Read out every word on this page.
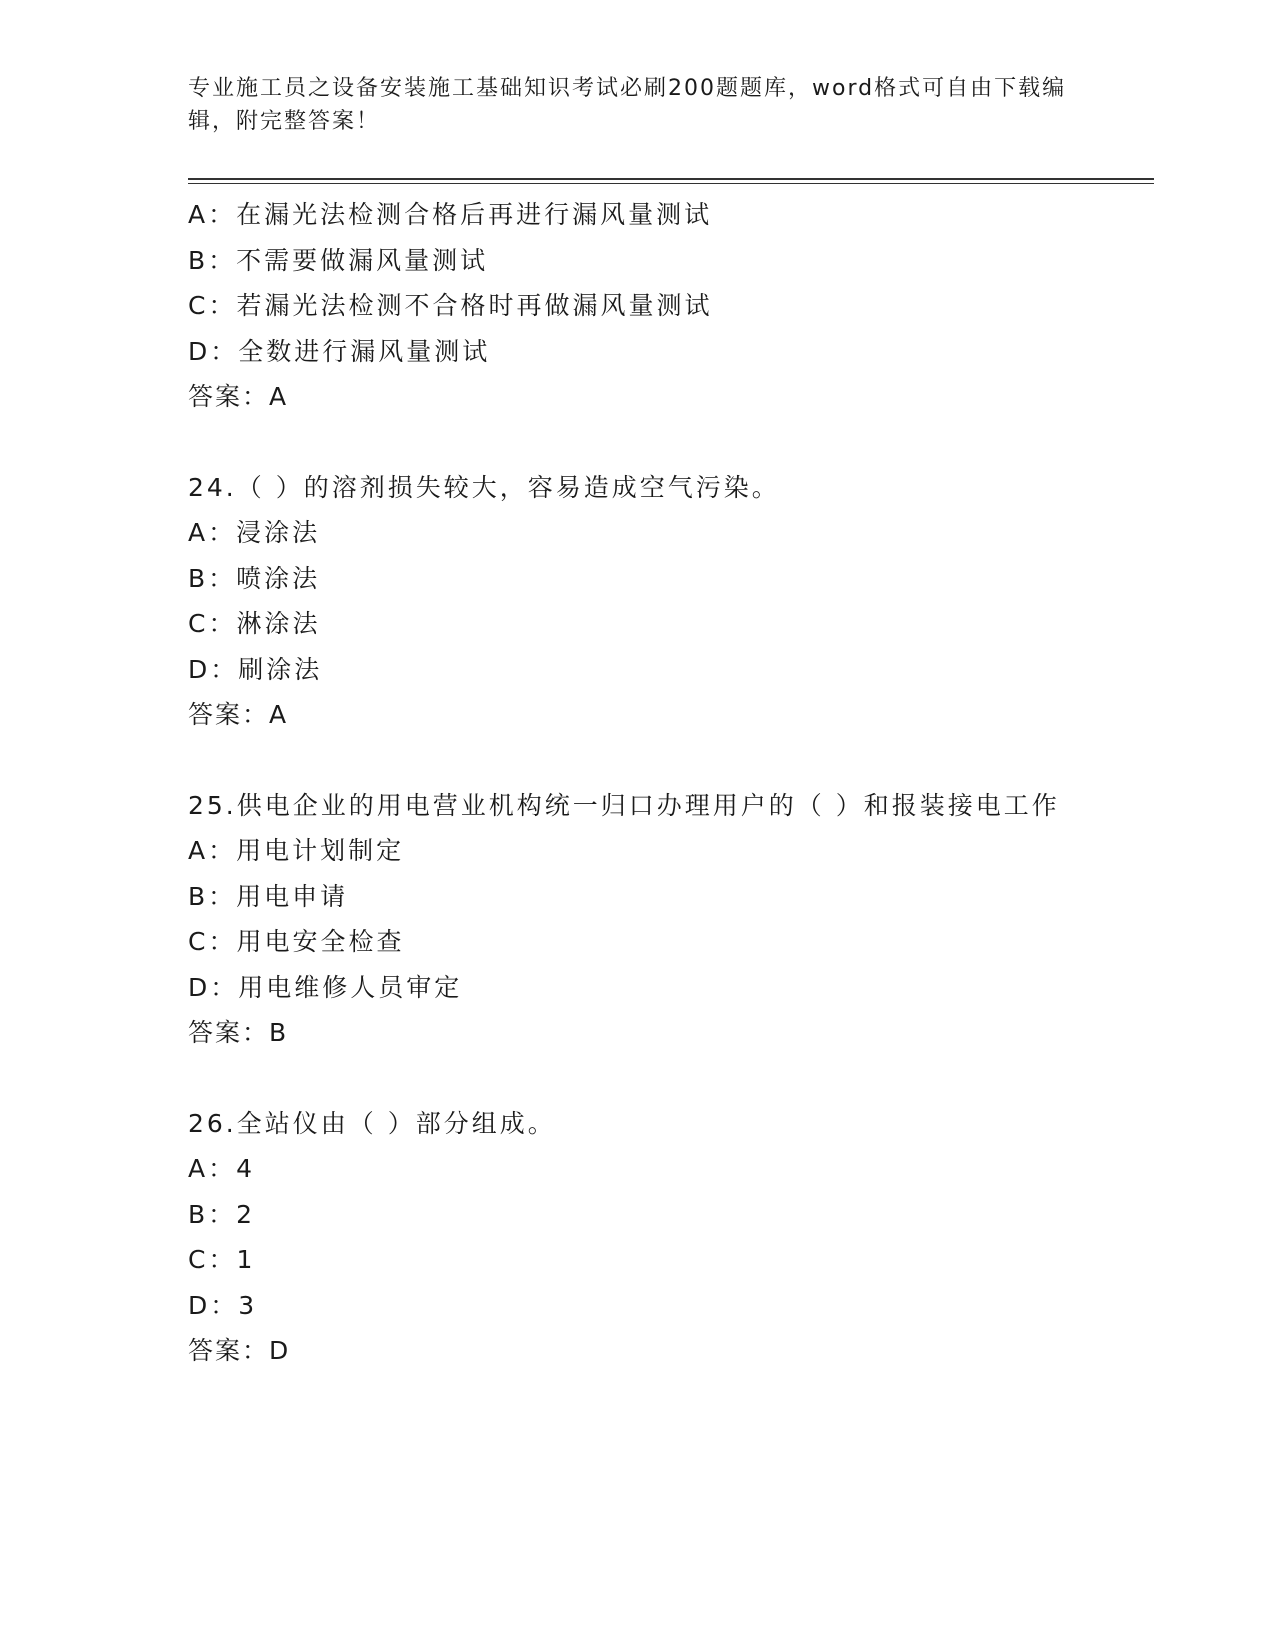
专业施工员之设备安装施工基础知识考试必刷200题题库，word格式可自由下载编辑，附完整答案！

A：在漏光法检测合格后再进行漏风量测试

B：不需要做漏风量测试

C：若漏光法检测不合格时再做漏风量测试

D：全数进行漏风量测试

答案：A

24.（ ）的溶剂损失较大，容易造成空气污染。

A：浸涂法

B：喷涂法

C：淋涂法

D：刷涂法

答案：A

25.供电企业的用电营业机构统一归口办理用户的（ ）和报装接电工作

A：用电计划制定

B：用电申请

C：用电安全检查

D：用电维修人员审定

答案：B

26.全站仪由（ ）部分组成。

A：4

B：2

C：1

D：3

答案：D
